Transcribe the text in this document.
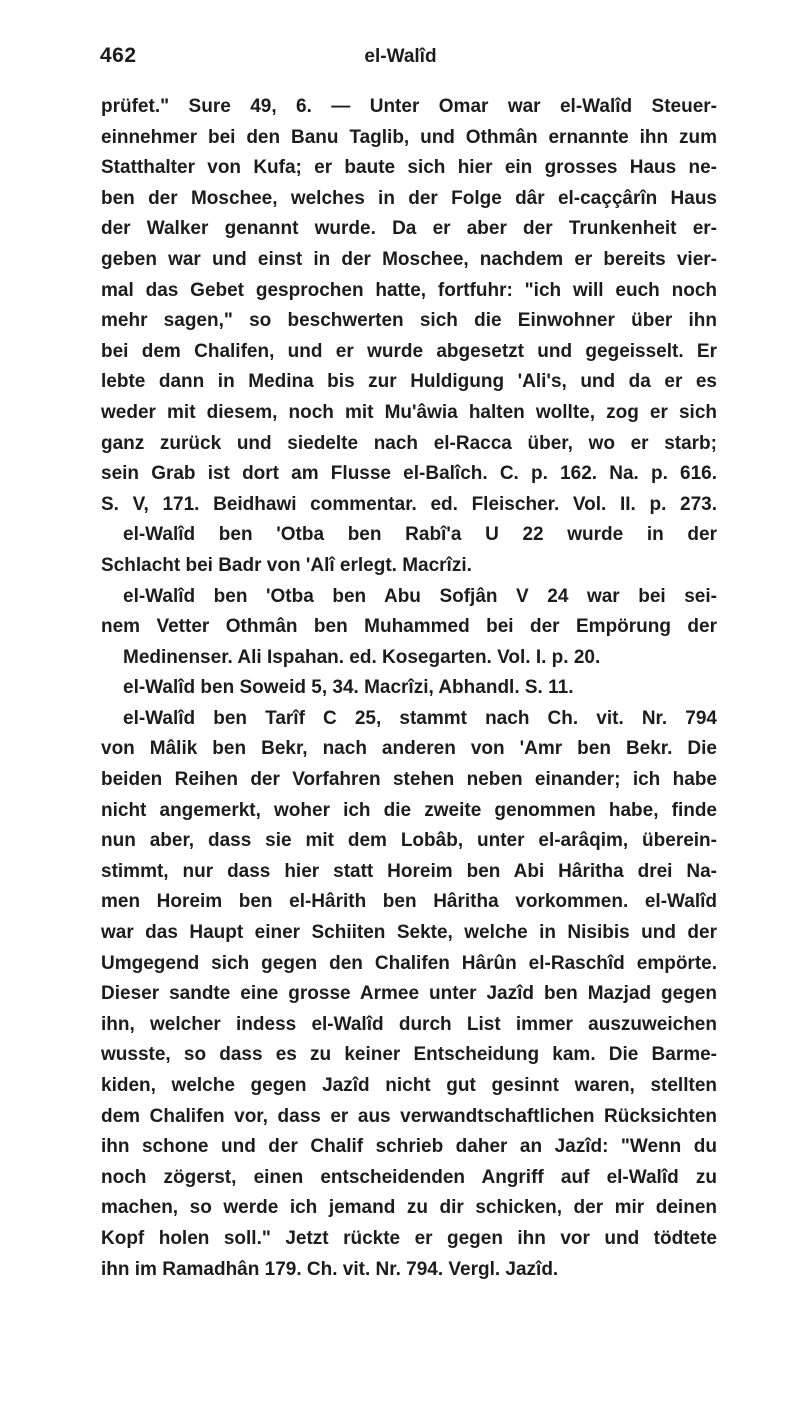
462	el-Walîd
prüfet." Sure 49, 6. — Unter Omar war el-Walîd Steuer-
einnehmer bei den Banu Taglib, und Othmân ernannte ihn zum
Statthalter von Kufa; er baute sich hier ein grosses Haus ne-
ben der Moschee, welches in der Folge dâr el-caççârîn Haus
der Walker genannt wurde. Da er aber der Trunkenheit er-
geben war und einst in der Moschee, nachdem er bereits vier-
mal das Gebet gesprochen hatte, fortfuhr: "ich will euch noch
mehr sagen," so beschwerten sich die Einwohner über ihn
bei dem Chalifen, und er wurde abgesetzt und gegeisselt. Er
lebte dann in Medina bis zur Huldigung 'Ali's, und da er es
weder mit diesem, noch mit Mu'âwia halten wollte, zog er sich
ganz zurück und siedelte nach el-Racca über, wo er starb;
sein Grab ist dort am Flusse el-Balîch. C. p. 162. Na. p. 616.
S. V, 171. Beidhawi commentar. ed. Fleischer. Vol. II. p. 273.
el-Walîd ben 'Otba ben Rabî'a U 22 wurde in der
Schlacht bei Badr von 'Alî erlegt. Macrîzi.
el-Walîd ben 'Otba ben Abu Sofjân V 24 war bei sei-
nem Vetter Othmân ben Muhammed bei der Empörung der
Medinenser. Ali Ispahan. ed. Kosegarten. Vol. I. p. 20.
el-Walîd ben Soweid 5, 34. Macrîzi, Abhandl. S. 11.
el-Walîd ben Tarîf C 25, stammt nach Ch. vit. Nr. 794
von Mâlik ben Bekr, nach anderen von 'Amr ben Bekr. Die
beiden Reihen der Vorfahren stehen neben einander; ich habe
nicht angemerkt, woher ich die zweite genommen habe, finde
nun aber, dass sie mit dem Lobâb, unter el-arâqim, überein-
stimmt, nur dass hier statt Horeim ben Abi Hâritha drei Na-
men Horeim ben el-Hârith ben Hâritha vorkommen. el-Walîd
war das Haupt einer Schiiten Sekte, welche in Nisibis und der
Umgegend sich gegen den Chalifen Hârûn el-Raschîd empörte.
Dieser sandte eine grosse Armee unter Jazîd ben Mazjad gegen
ihn, welcher indess el-Walîd durch List immer auszuweichen
wusste, so dass es zu keiner Entscheidung kam. Die Barme-
kiden, welche gegen Jazîd nicht gut gesinnt waren, stellten
dem Chalifen vor, dass er aus verwandtschaftlichen Rücksichten
ihn schone und der Chalif schrieb daher an Jazîd: "Wenn du
noch zögerst, einen entscheidenden Angriff auf el-Walîd zu
machen, so werde ich jemand zu dir schicken, der mir deinen
Kopf holen soll." Jetzt rückte er gegen ihn vor und tödtete
ihn im Ramadhân 179. Ch. vit. Nr. 794. Vergl. Jazîd.
